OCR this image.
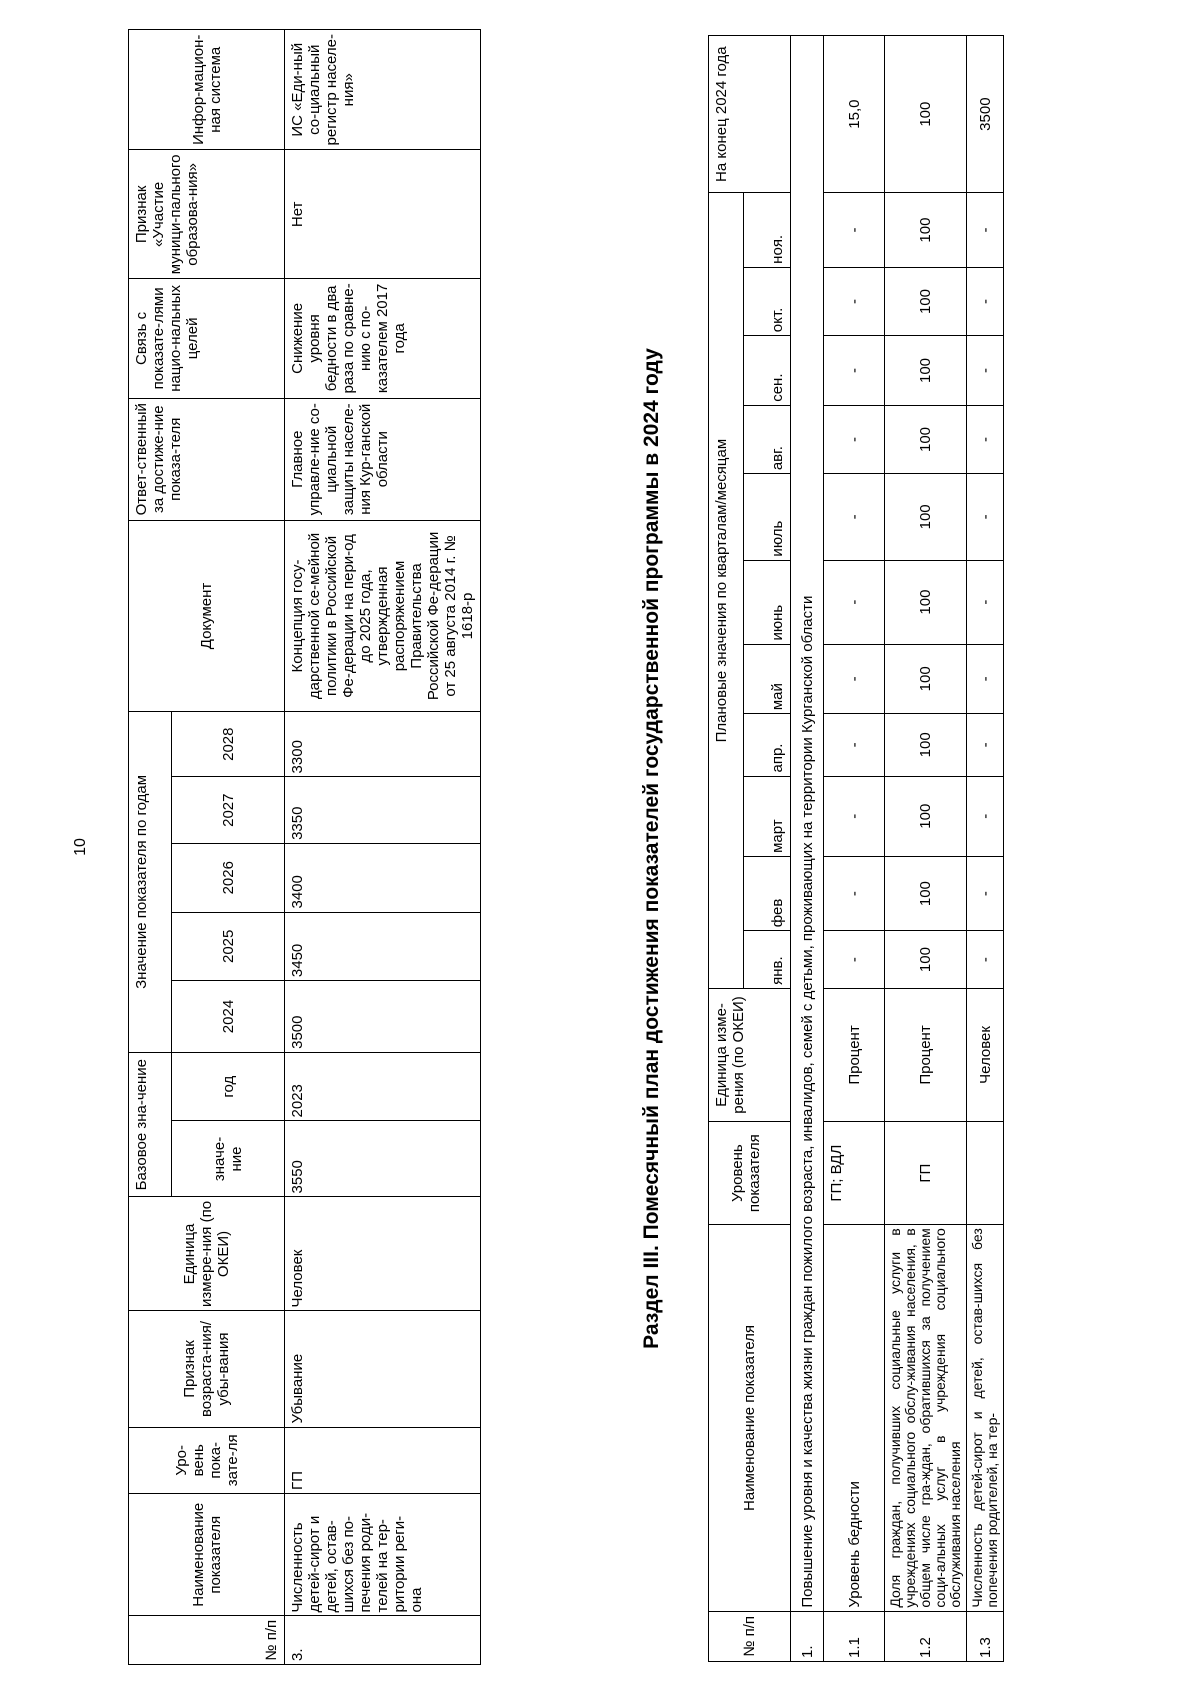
10
№ п/п	Наименование показателя	Уро-вень пока-зате-ля	Признак возраста-ния/ убы-вания	Единица измере-ния (по ОКЕИ)	Базовое зна-чение		Значение показателя по годам					Документ	Ответ-ственный за достиже-ние показа-теля	Связь с показате-лями нацио-нальных целей	Признак «Участие муници-пального образова-ния»	Инфор-мацион-ная система
					значе-ние	год	2024	2025	2026	2027	2028					
3.	Численность детей-сирот и детей, остав-шихся без по-печения роди-телей на тер-ритории реги-она	ГП	Убывание	Человек	3550	2023	3500	3450	3400	3350	3300	Концепция госу-дарственной се-мейной политики в Российской Фе-дерации на пери-од до 2025 года, утвержденная распоряжением Правительства Российской Фе-дерации от 25 августа 2014 г. № 1618-р	Главное управле-ние со-циальной защиты населе-ния Кур-ганской области	Снижение уровня бедности в два раза по сравне-нию с по-казателем 2017 года	Нет	ИС «Еди-ный со-циальный регистр населе-ния»
Раздел III. Помесячный план достижения показателей государственной программы в 2024 году
№ п/п	Наименование показателя	Уровень показателя	Единица изме-рения (по ОКЕИ)	Плановые значения по кварталам/месяцам											На конец 2024 года
				янв.	фев	март	апр.	май	июнь	июль	авг.	сен.	окт.	ноя.	
1.	Повышение уровня и качества жизни граждан пожилого возраста, инвалидов, семей с детьми, проживающих на территории Курганской области														
1.1	Уровень бедности	ГП; ВДЛ	Процент	-	-	-	-	-	-	-	-	-	-	-	15,0
1.2	Доля граждан, получивших социальные услуги в учреждениях социального обслу-живания населения, в общем числе гра-ждан, обратившихся за получением соци-альных услуг в учреждения социального обслуживания населения	ГП	Процент	100	100	100	100	100	100	100	100	100	100	100	100
1.3	Численность детей-сирот и детей, остав-шихся без попечения родителей, на тер-		Человек	-	-	-	-	-	-	-	-	-	-	-	3500
